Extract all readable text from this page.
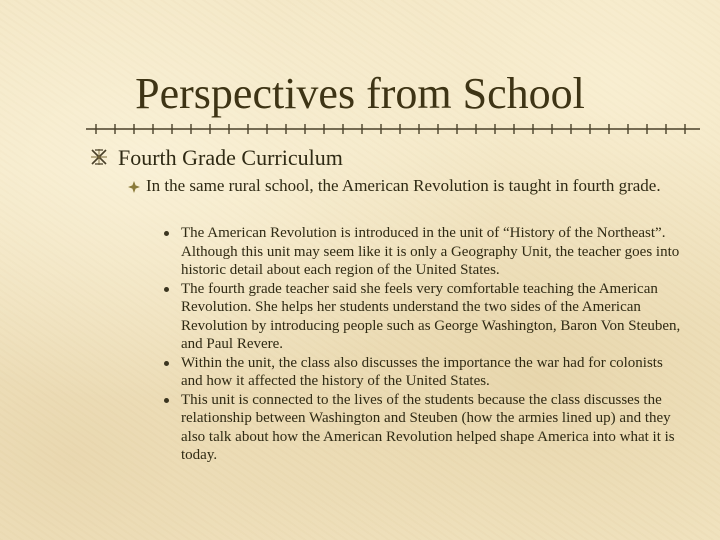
Perspectives from School
Fourth Grade Curriculum
In the same rural school, the American Revolution is taught in fourth grade.
The American Revolution is introduced in the unit of “History of the Northeast”. Although this unit may seem like it is only a Geography Unit, the teacher goes into historic detail about each region of the United States.
The fourth grade teacher said she feels very comfortable teaching the American Revolution. She helps her students understand the two sides of the American Revolution by introducing people such as George Washington, Baron Von Steuben, and Paul Revere.
Within the unit, the class also discusses the importance the war had for colonists and how it affected the history of the United States.
This unit is connected to the lives of the students because the class discusses the relationship between Washington and Steuben (how the armies lined up) and they also talk about how the American Revolution helped shape America into what it is today.
